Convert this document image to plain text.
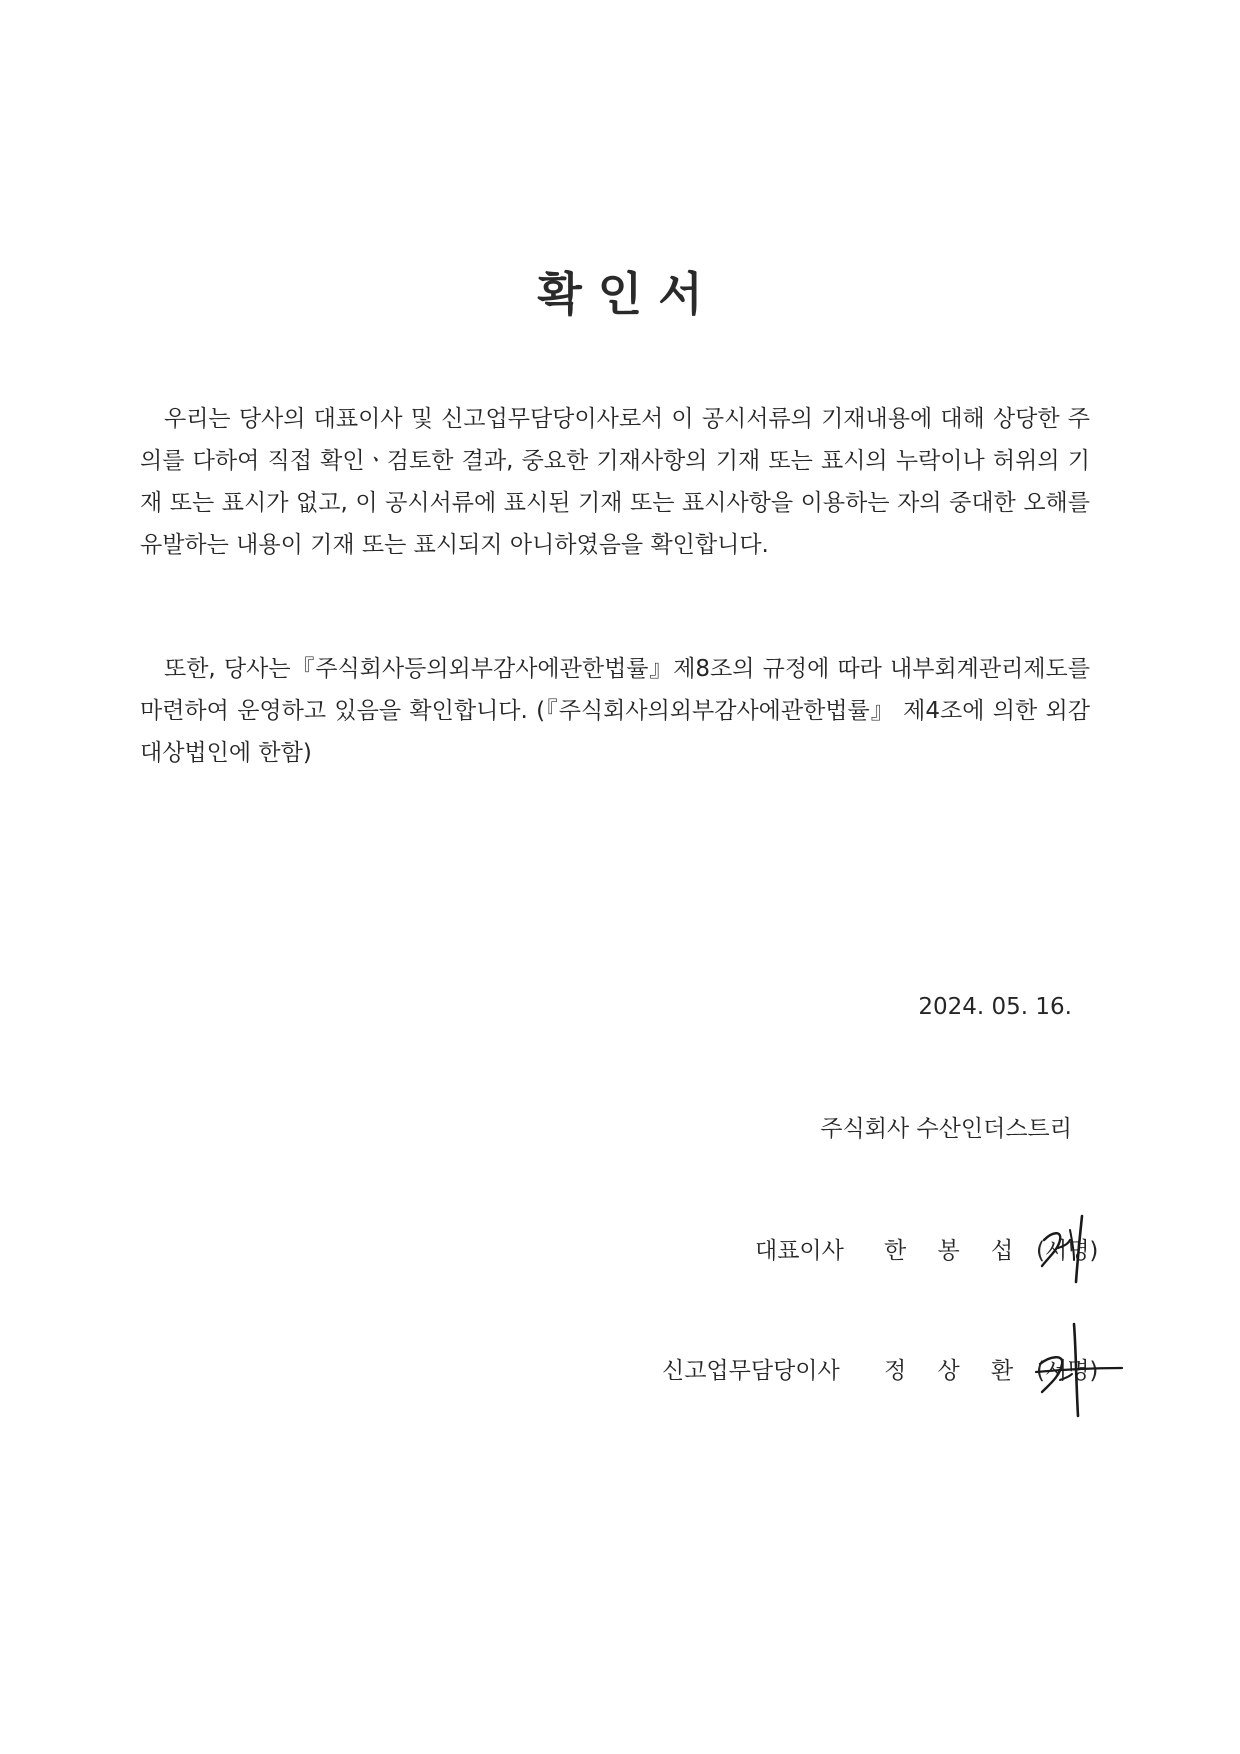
확 인 서

우리는 당사의 대표이사 및 신고업무담당이사로서 이 공시서류의 기재내용에 대해 상당한 주의를 다하여 직접 확인ㆍ검토한 결과, 중요한 기재사항의 기재 또는 표시의 누락이나 허위의 기재 또는 표시가 없고, 이 공시서류에 표시된 기재 또는 표시사항을 이용하는 자의 중대한 오해를 유발하는 내용이 기재 또는 표시되지 아니하였음을 확인합니다.

또한, 당사는『주식회사등의외부감사에관한법률』제8조의 규정에 따라 내부회계관리제도를 마련하여 운영하고 있음을 확인합니다. (『주식회사의외부감사에관한법률』 제4조에 의한 외감대상법인에 한함)

2024. 05. 16.
주식회사 수산인더스트리
대표이사 한 봉 섭 (서명)
신고업무담당이사 정 상 환 (서명)
